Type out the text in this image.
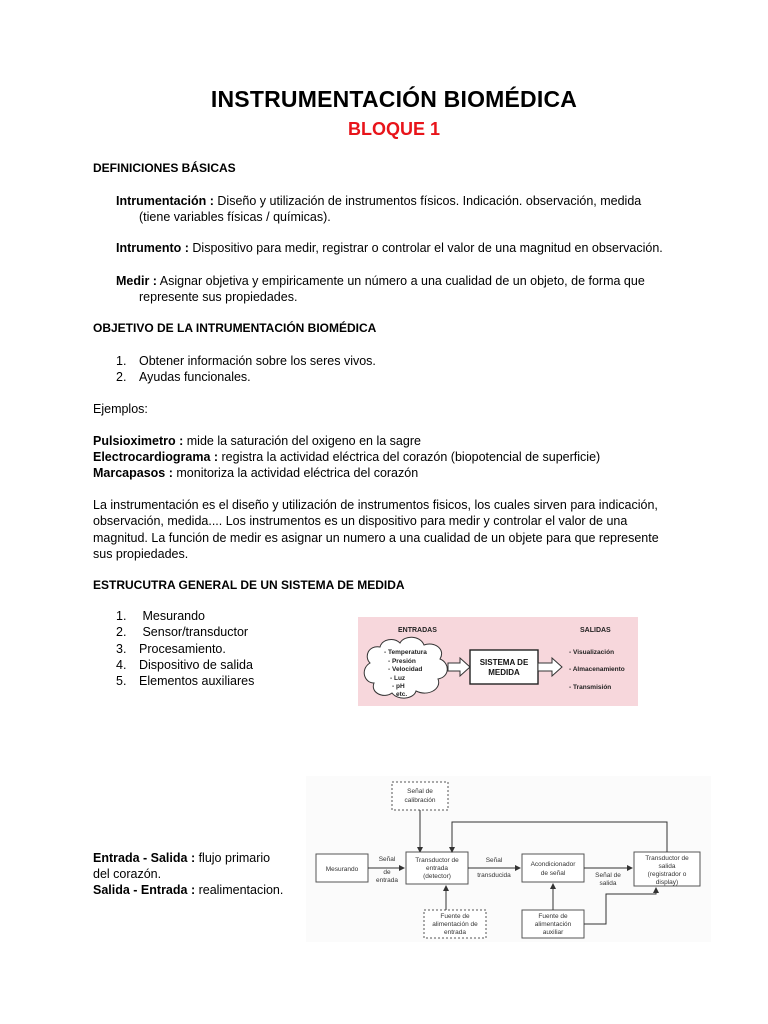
INSTRUMENTACIÓN BIOMÉDICA
BLOQUE 1
DEFINICIONES BÁSICAS
Intrumentación : Diseño y utilización de instrumentos físicos. Indicación. observación, medida
(tiene variables físicas / químicas).
Intrumento : Dispositivo para medir, registrar o controlar el valor de una magnitud en observación.
Medir : Asignar objetiva y empiricamente un número a una cualidad de un objeto, de forma que
represente sus propiedades.
OBJETIVO DE LA INTRUMENTACIÓN BIOMÉDICA
1. Obtener información sobre los seres vivos.
2. Ayudas funcionales.
Ejemplos:
Pulsioximetro : mide la saturación del oxigeno en la sagre
Electrocardiograma : registra la actividad eléctrica del corazón (biopotencial de superficie)
Marcapasos : monitoriza la actividad eléctrica del corazón
La instrumentación es el diseño y utilización de instrumentos fisicos, los cuales sirven para indicación,
observación, medida.... Los instrumentos es un dispositivo para medir y controlar el valor de una
magnitud. La función de medir es asignar un numero a una cualidad de un objete para que represente
sus propiedades.
ESTRUCUTRA GENERAL DE UN SISTEMA DE MEDIDA
1. Mesurando
2. Sensor/transductor
3. Procesamiento.
4. Dispositivo de salida
5. Elementos auxiliares
ENTRADAS	SALIDAS
- Temperatura
- Presión
- Velocidad
- Luz
- pH
etc.
SISTEMA DE
MEDIDA
- Visualización
- Almacenamiento
- Transmisión
Entrada - Salida : flujo primario
del corazón.
Salida - Entrada : realimentacion.
Señal de
calibración
Mesurando
Señal
de
entrada
Transductor de
entrada
(detector)
Señal
transducida
Acondicionador
de señal	Señal de
salida
Transductor de
salida
(registrador o
display)
Fuente de
alimentación de
entrada
Fuente de
alimentación
auxiliar
